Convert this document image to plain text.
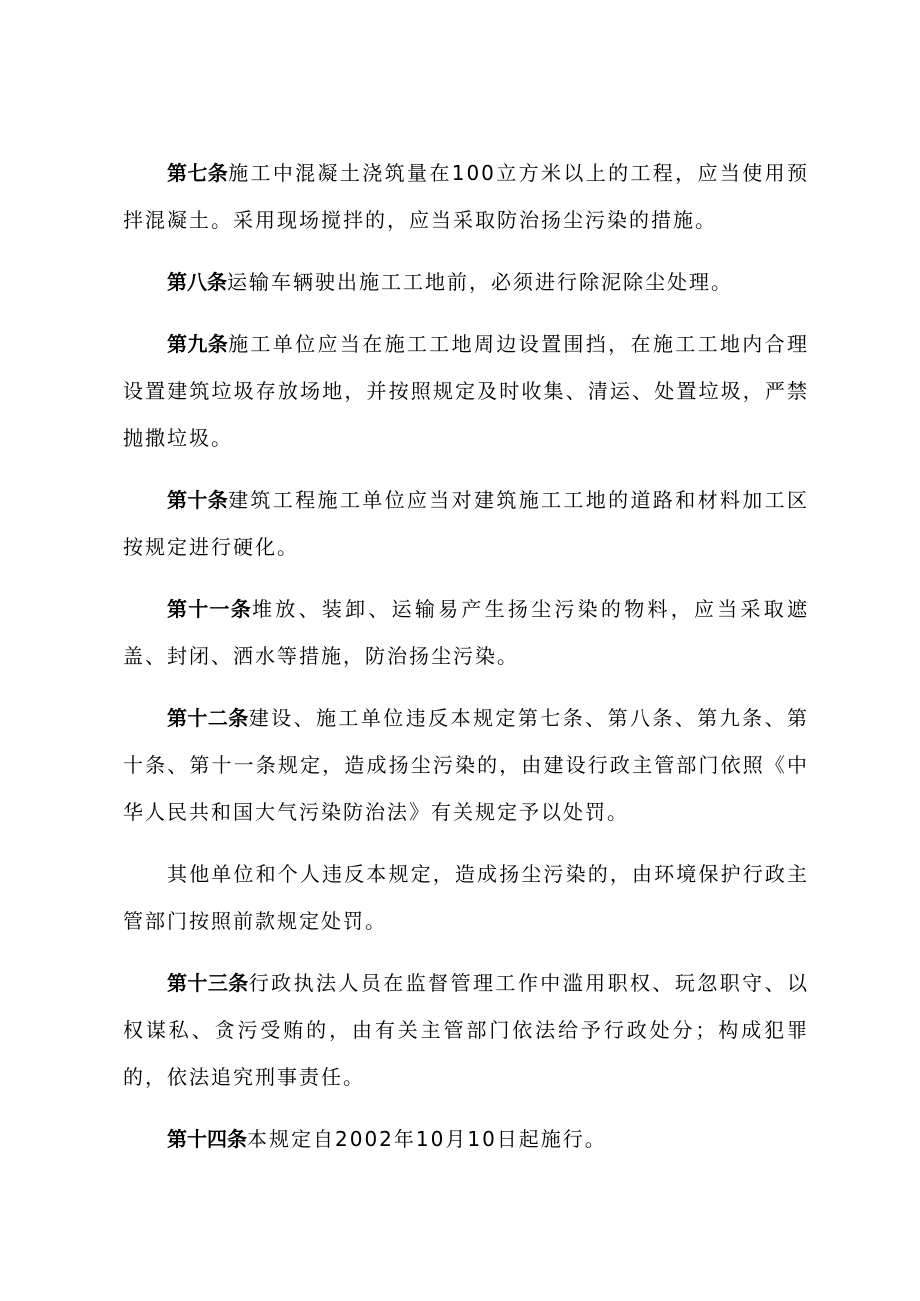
第七条施工中混凝土浇筑量在100立方米以上的工程，应当使用预拌混凝土。采用现场搅拌的，应当采取防治扬尘污染的措施。

第八条运输车辆驶出施工工地前，必须进行除泥除尘处理。

第九条施工单位应当在施工工地周边设置围挡，在施工工地内合理设置建筑垃圾存放场地，并按照规定及时收集、清运、处置垃圾，严禁抛撒垃圾。

第十条建筑工程施工单位应当对建筑施工工地的道路和材料加工区按规定进行硬化。

第十一条堆放、装卸、运输易产生扬尘污染的物料，应当采取遮盖、封闭、洒水等措施，防治扬尘污染。

第十二条建设、施工单位违反本规定第七条、第八条、第九条、第十条、第十一条规定，造成扬尘污染的，由建设行政主管部门依照《中华人民共和国大气污染防治法》有关规定予以处罚。

其他单位和个人违反本规定，造成扬尘污染的，由环境保护行政主管部门按照前款规定处罚。

第十三条行政执法人员在监督管理工作中滥用职权、玩忽职守、以权谋私、贪污受贿的，由有关主管部门依法给予行政处分；构成犯罪的，依法追究刑事责任。

第十四条本规定自2002年10月10日起施行。
